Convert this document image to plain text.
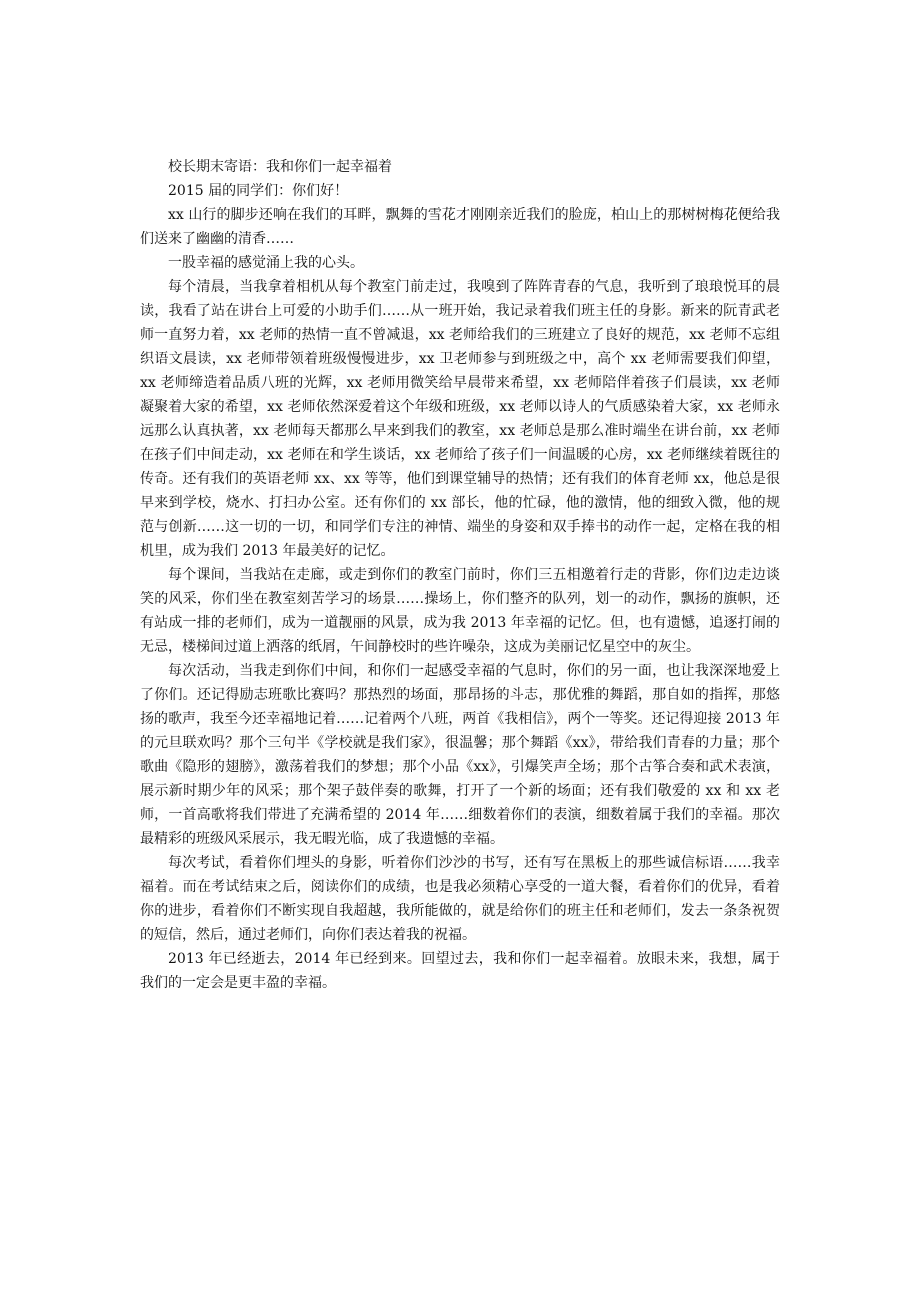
校长期末寄语：我和你们一起幸福着

2015 届的同学们：你们好！

xx 山行的脚步还响在我们的耳畔，飘舞的雪花才刚刚亲近我们的脸庞，柏山上的那树树梅花便给我们送来了幽幽的清香……

一股幸福的感觉涌上我的心头。

每个清晨，当我拿着相机从每个教室门前走过，我嗅到了阵阵青春的气息，我听到了琅琅悦耳的晨读，我看了站在讲台上可爱的小助手们……从一班开始，我记录着我们班主任的身影。新来的阮青武老师一直努力着，xx 老师的热情一直不曾减退，xx 老师给我们的三班建立了良好的规范，xx 老师不忘组织语文晨读，xx 老师带领着班级慢慢进步，xx 卫老师参与到班级之中，高个 xx 老师需要我们仰望，xx 老师缔造着品质八班的光辉，xx 老师用微笑给早晨带来希望，xx 老师陪伴着孩子们晨读，xx 老师凝聚着大家的希望，xx 老师依然深爱着这个年级和班级，xx 老师以诗人的气质感染着大家，xx 老师永远那么认真执著，xx 老师每天都那么早来到我们的教室，xx 老师总是那么准时端坐在讲台前，xx 老师在孩子们中间走动，xx 老师在和学生谈话，xx 老师给了孩子们一间温暖的心房，xx 老师继续着既往的传奇。还有我们的英语老师 xx、xx 等等，他们到课堂辅导的热情；还有我们的体育老师 xx，他总是很早来到学校，烧水、打扫办公室。还有你们的 xx 部长，他的忙碌，他的激情，他的细致入微，他的规范与创新……这一切的一切，和同学们专注的神情、端坐的身姿和双手捧书的动作一起，定格在我的相机里，成为我们 2013 年最美好的记忆。

每个课间，当我站在走廊，或走到你们的教室门前时，你们三五相邀着行走的背影，你们边走边谈笑的风采，你们坐在教室刻苦学习的场景……操场上，你们整齐的队列，划一的动作，飘扬的旗帜，还有站成一排的老师们，成为一道靓丽的风景，成为我 2013 年幸福的记忆。但，也有遗憾，追逐打闹的无忌，楼梯间过道上洒落的纸屑，午间静校时的些许噪杂，这成为美丽记忆星空中的灰尘。

每次活动，当我走到你们中间，和你们一起感受幸福的气息时，你们的另一面，也让我深深地爱上了你们。还记得励志班歌比赛吗？那热烈的场面，那昂扬的斗志，那优雅的舞蹈，那自如的指挥，那悠扬的歌声，我至今还幸福地记着……记着两个八班，两首《我相信》，两个一等奖。还记得迎接 2013 年的元旦联欢吗？那个三句半《学校就是我们家》，很温馨；那个舞蹈《xx》，带给我们青春的力量；那个歌曲《隐形的翅膀》，激荡着我们的梦想；那个小品《xx》，引爆笑声全场；那个古筝合奏和武术表演，展示新时期少年的风采；那个架子鼓伴奏的歌舞，打开了一个新的场面；还有我们敬爱的 xx 和 xx 老师，一首高歌将我们带进了充满希望的 2014 年……细数着你们的表演，细数着属于我们的幸福。那次最精彩的班级风采展示，我无暇光临，成了我遗憾的幸福。

每次考试，看着你们埋头的身影，听着你们沙沙的书写，还有写在黑板上的那些诚信标语……我幸福着。而在考试结束之后，阅读你们的成绩，也是我必须精心享受的一道大餐，看着你们的优异，看着你的进步，看着你们不断实现自我超越，我所能做的，就是给你们的班主任和老师们，发去一条条祝贺的短信，然后，通过老师们，向你们表达着我的祝福。

2013 年已经逝去，2014 年已经到来。回望过去，我和你们一起幸福着。放眼未来，我想，属于我们的一定会是更丰盈的幸福。
